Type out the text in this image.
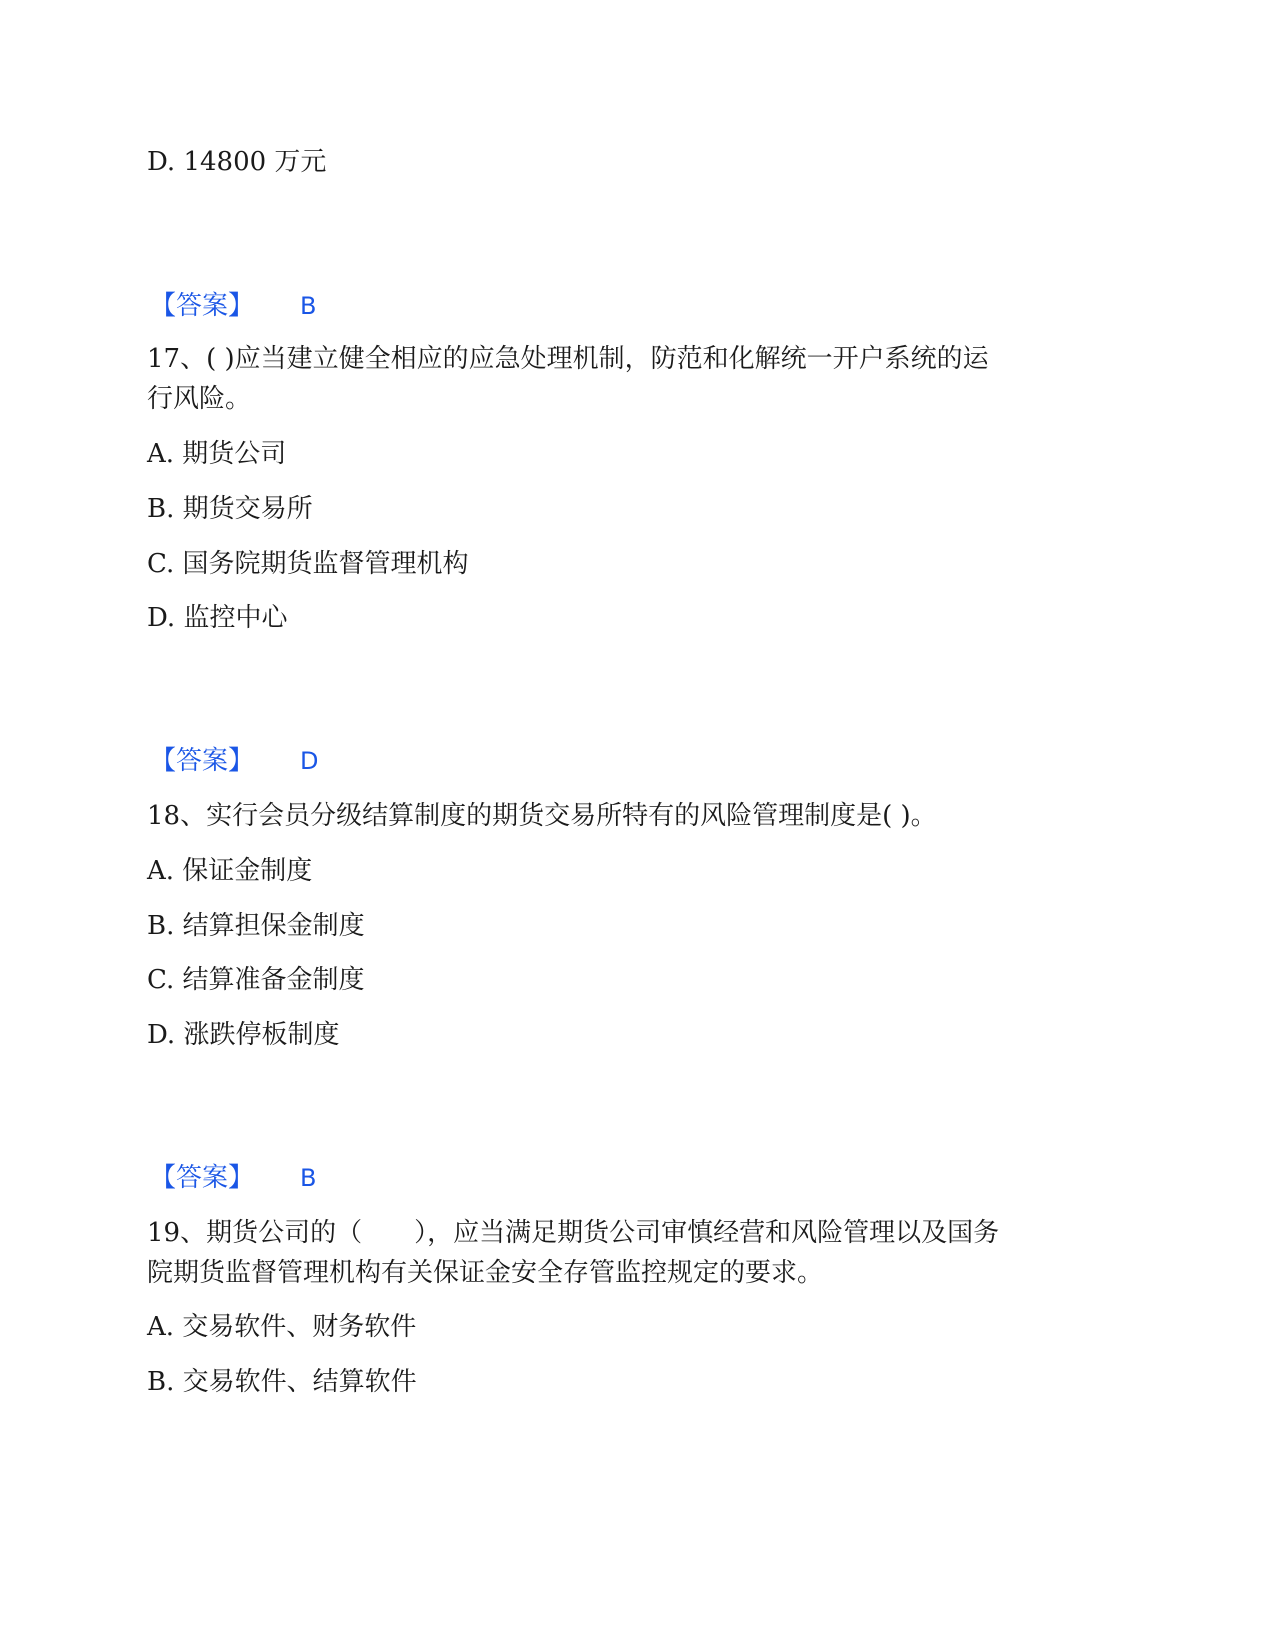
D. 14800 万元
【答案】 B
17、( )应当建立健全相应的应急处理机制，防范和化解统一开户系统的运
行风险。
A. 期货公司
B. 期货交易所
C. 国务院期货监督管理机构
D. 监控中心
【答案】 D
18、实行会员分级结算制度的期货交易所特有的风险管理制度是( )。
A. 保证金制度
B. 结算担保金制度
C. 结算准备金制度
D. 涨跌停板制度
【答案】 B
19、期货公司的（　　），应当满足期货公司审慎经营和风险管理以及国务
院期货监督管理机构有关保证金安全存管监控规定的要求。
A. 交易软件、财务软件
B. 交易软件、结算软件
